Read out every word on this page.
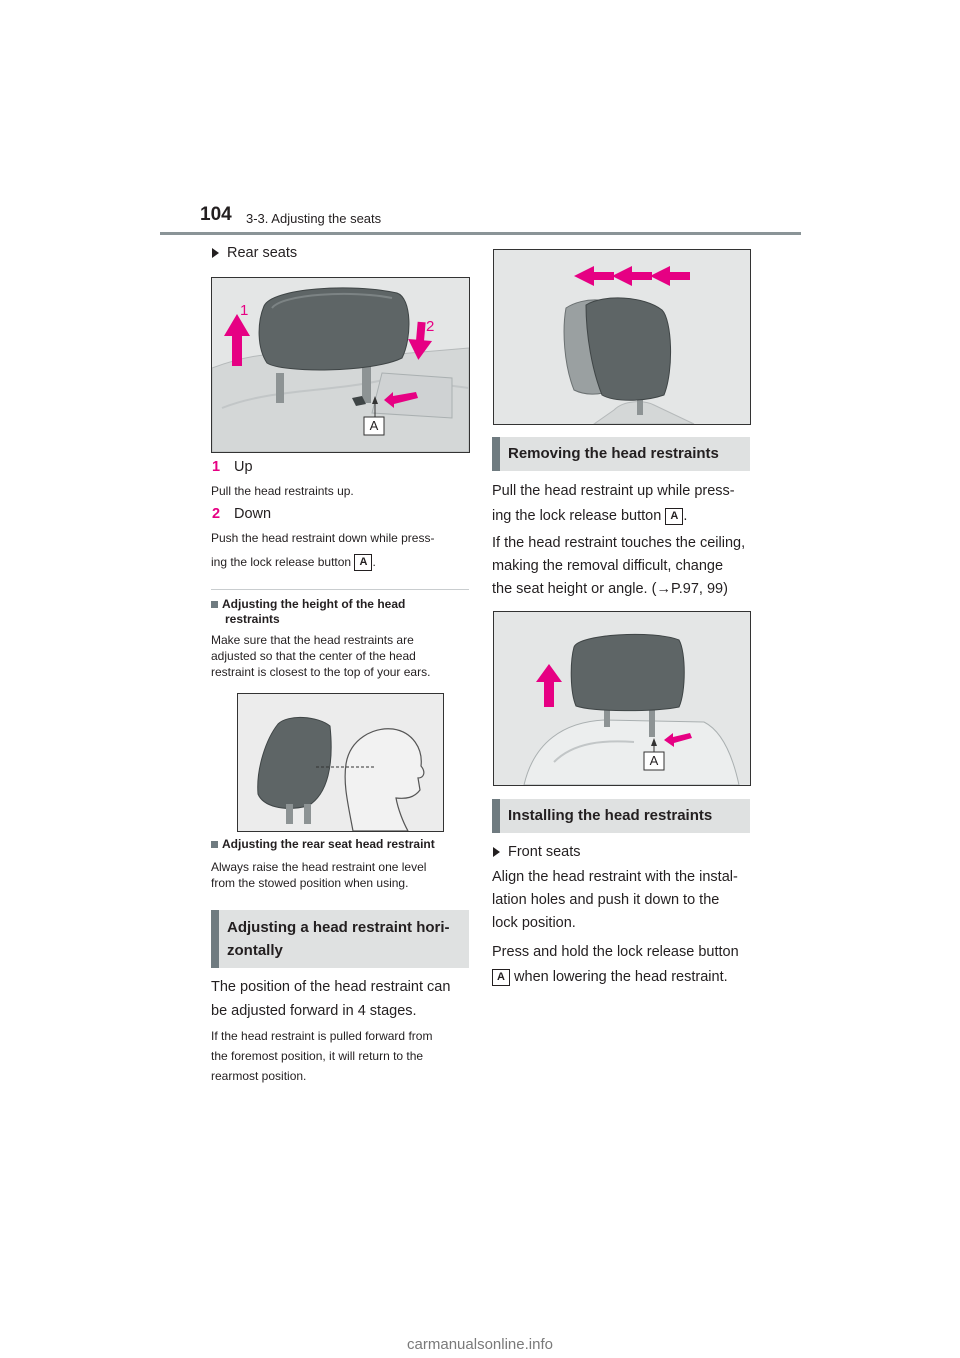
104 3-3. Adjusting the seats
Rear seats
1
2
A
1 Up
Pull the head restraints up.
2 Down
Push the head restraint down while press-
ing the lock release button A .
Adjusting the height of the head
restraints
Make sure that the head restraints are
adjusted so that the center of the head
restraint is closest to the top of your ears.
Adjusting the rear seat head restraint
Always raise the head restraint one level
from the stowed position when using.
Adjusting a head restraint hori-
zontally
The position of the head restraint can
be adjusted forward in 4 stages.
If the head restraint is pulled forward from
the foremost position, it will return to the
rearmost position.
Removing the head restraints
Pull the head restraint up while press-
ing the lock release button A .
If the head restraint touches the ceiling,
making the removal difficult, change
the seat height or angle. (→P.97, 99)
A
Installing the head restraints
Front seats
Align the head restraint with the instal-
lation holes and push it down to the
lock position.
Press and hold the lock release button
A when lowering the head restraint.
carmanualsonline.info
